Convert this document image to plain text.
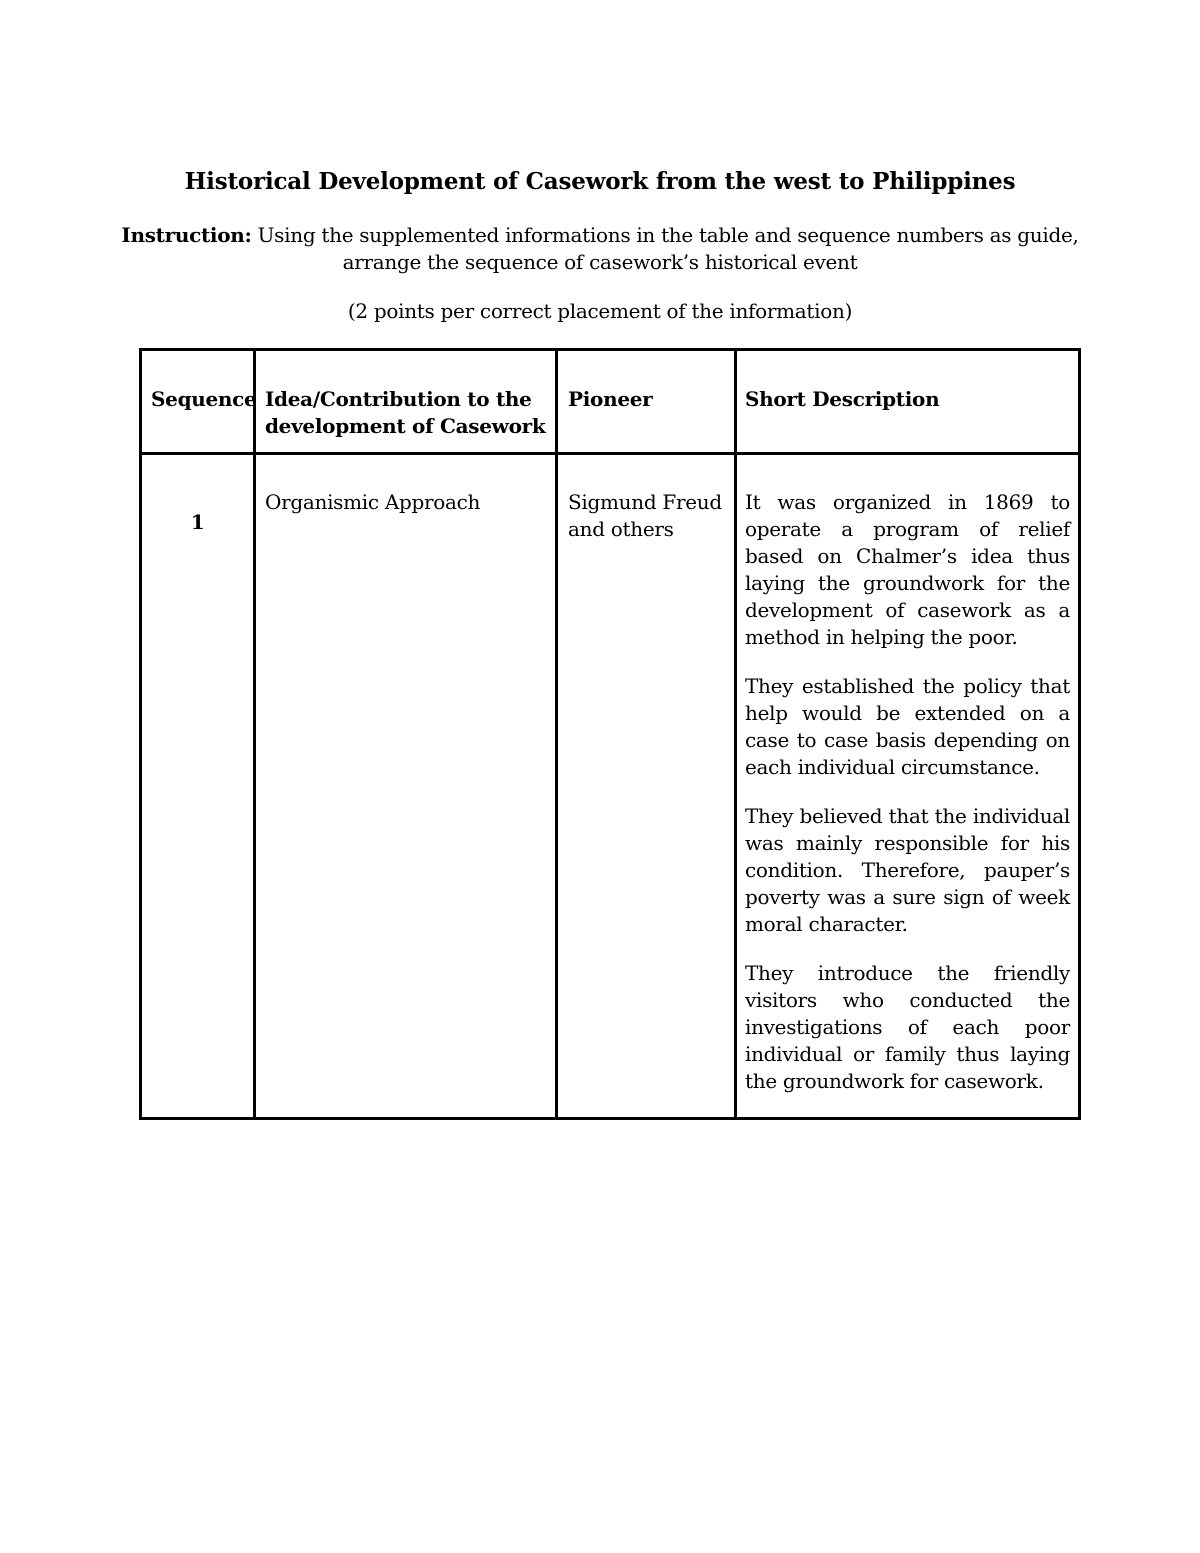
Historical Development of Casework from the west to Philippines
Instruction: Using the supplemented informations in the table and sequence numbers as guide,
arrange the sequence of casework’s historical event
(2 points per correct placement of the information)
Sequence	Idea/Contribution to the development of Casework	Pioneer	Short Description
1	Organismic Approach	Sigmund Freud and others	It was organized in 1869 to operate a program of relief based on Chalmer’s idea thus laying the groundwork for the development of casework as a method in helping the poor.

They established the policy that help would be extended on a case to case basis depending on each individual circumstance.

They believed that the individual was mainly responsible for his condition. Therefore, pauper’s poverty was a sure sign of week moral character.

They introduce the friendly visitors who conducted the investigations of each poor individual or family thus laying the groundwork for casework.
